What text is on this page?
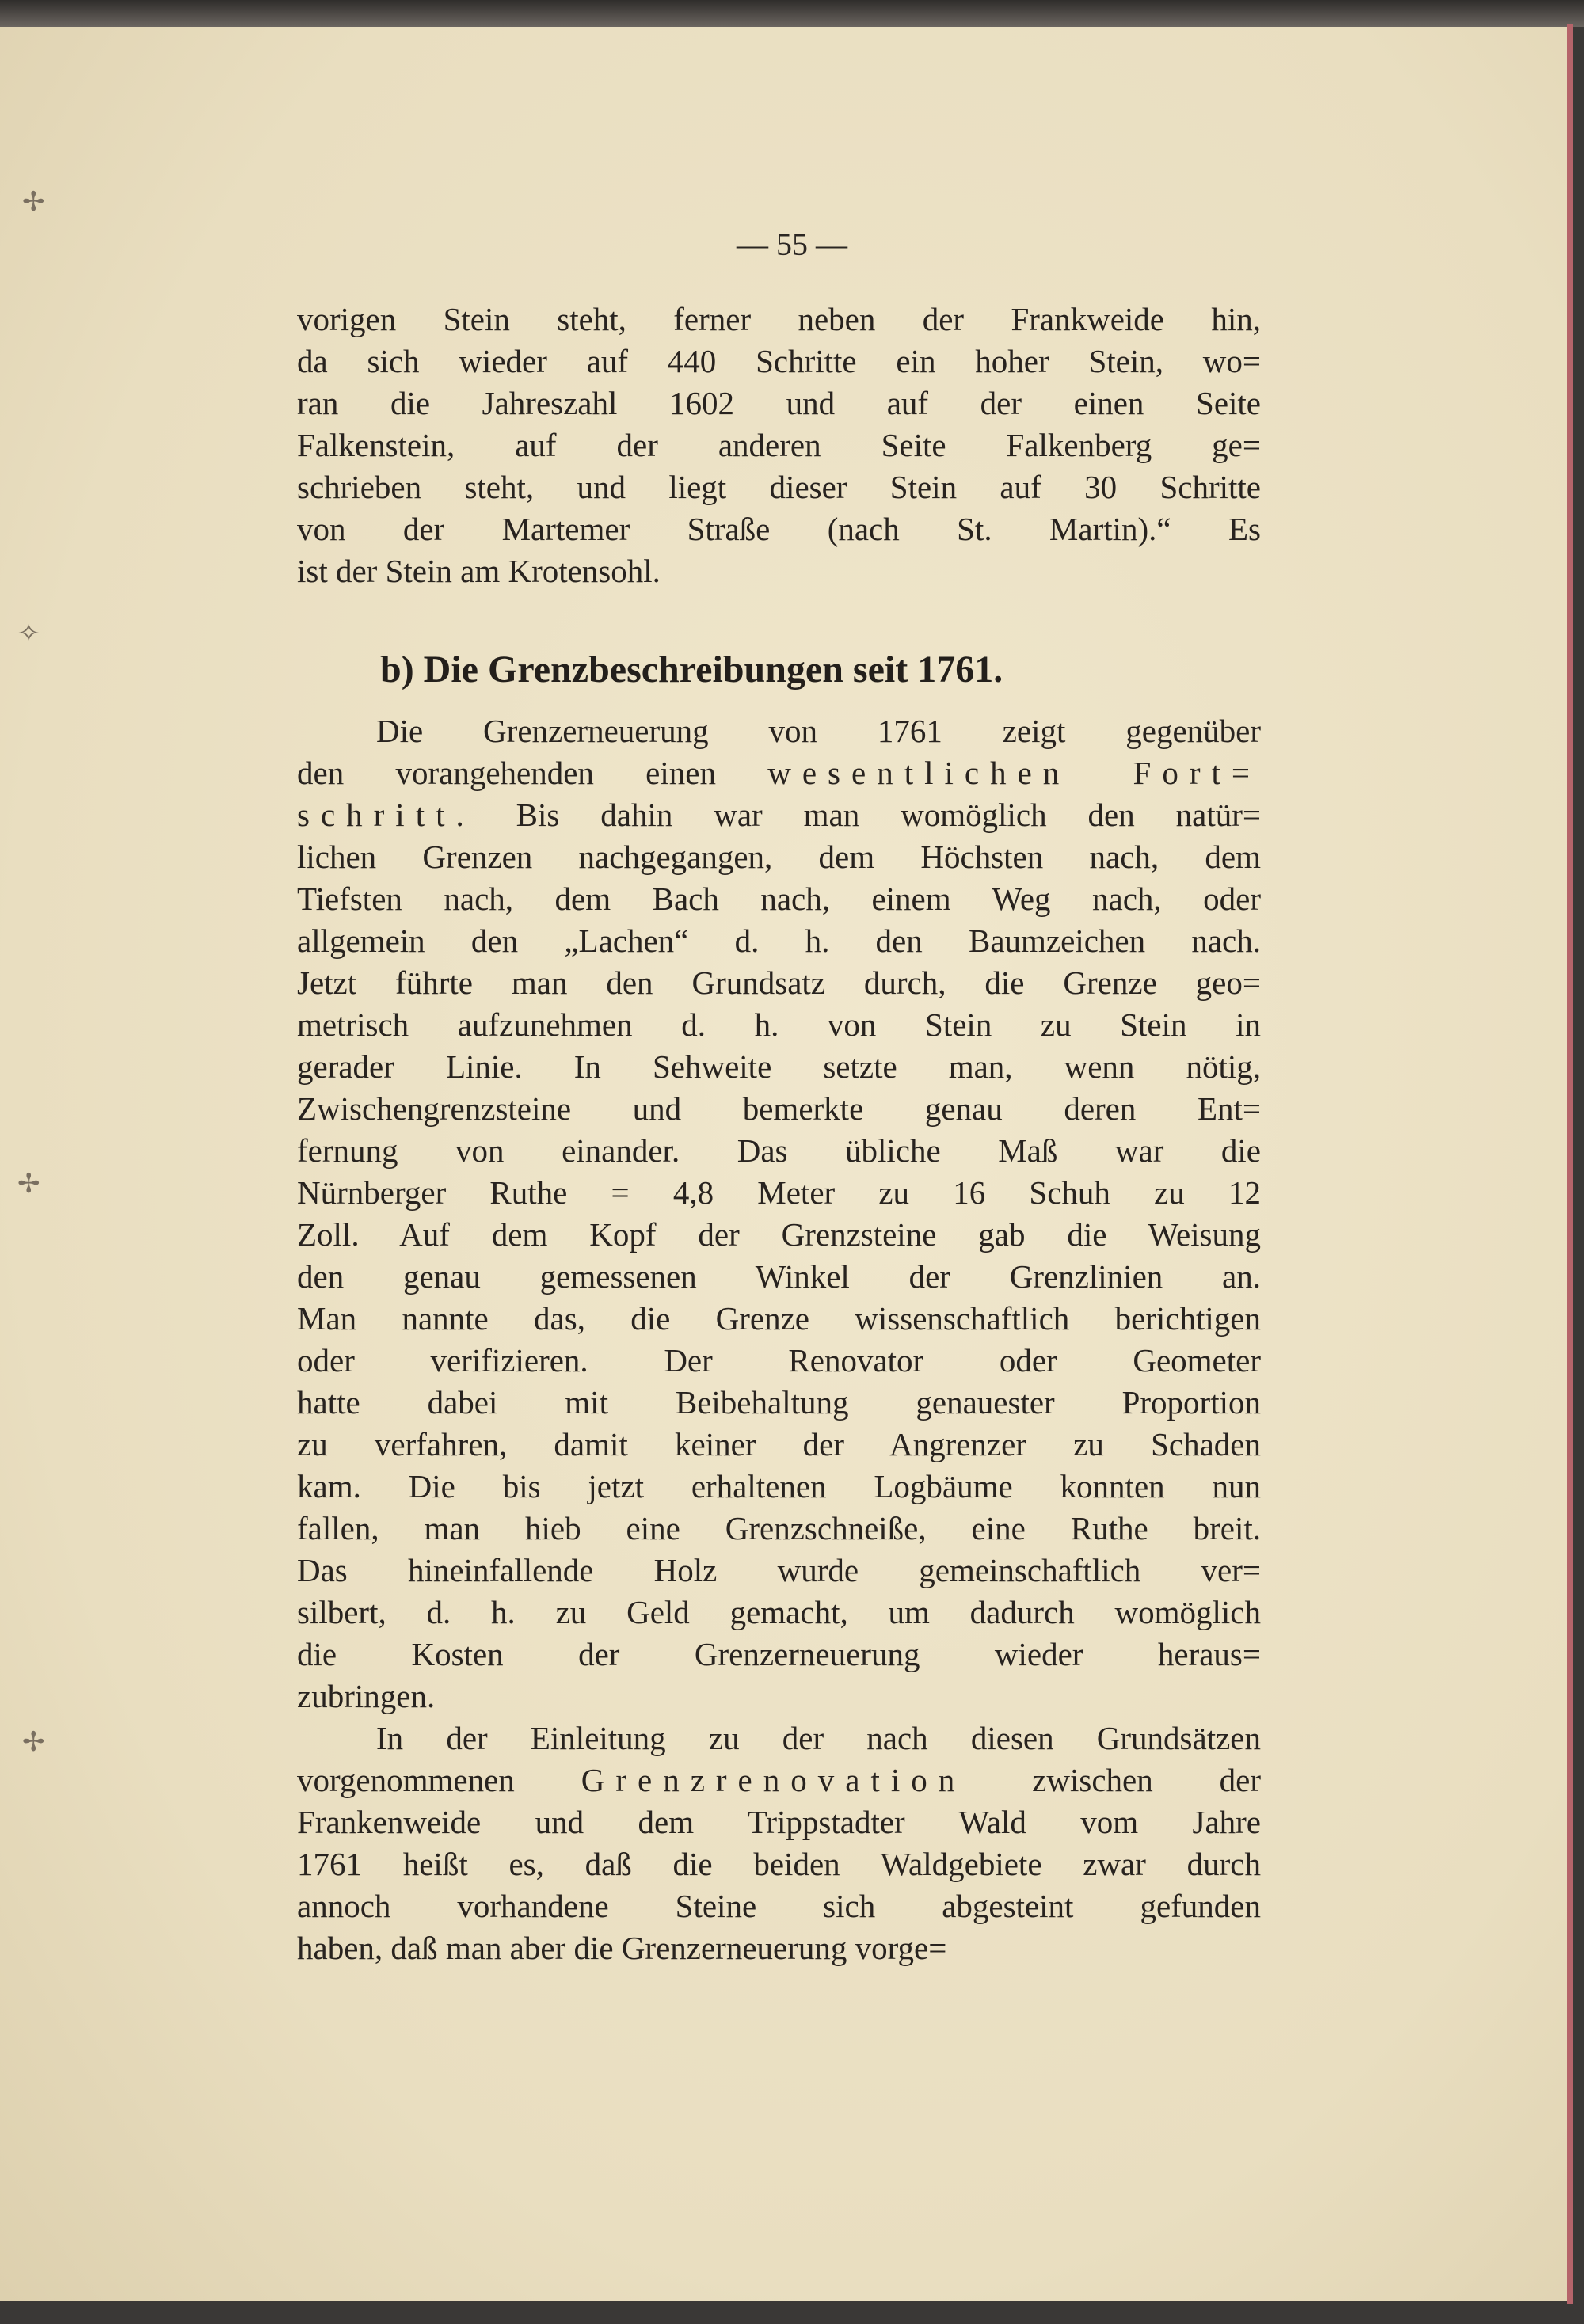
✢
✧
✢
✢
— 55 —
vorigen Stein steht, ferner neben der Frankweide hin,
da sich wieder auf 440 Schritte ein hoher Stein, wo=
ran die Jahreszahl 1602 und auf der einen Seite
Falkenstein, auf der anderen Seite Falkenberg ge=
schrieben steht, und liegt dieser Stein auf 30 Schritte
von der Martemer Straße (nach St. Martin).“ Es
ist der Stein am Krotensohl.
b) Die Grenzbeschreibungen seit 1761.
Die Grenzerneuerung von 1761 zeigt gegenüber
den vorangehenden einen wesentlichen Fort=
schritt. Bis dahin war man womöglich den natür=
lichen Grenzen nachgegangen, dem Höchsten nach, dem
Tiefsten nach, dem Bach nach, einem Weg nach, oder
allgemein den „Lachen“ d. h. den Baumzeichen nach.
Jetzt führte man den Grundsatz durch, die Grenze geo=
metrisch aufzunehmen d. h. von Stein zu Stein in
gerader Linie. In Sehweite setzte man, wenn nötig,
Zwischengrenzsteine und bemerkte genau deren Ent=
fernung von einander. Das übliche Maß war die
Nürnberger Ruthe = 4,8 Meter zu 16 Schuh zu 12
Zoll. Auf dem Kopf der Grenzsteine gab die Weisung
den genau gemessenen Winkel der Grenzlinien an.
Man nannte das, die Grenze wissenschaftlich berichtigen
oder verifizieren. Der Renovator oder Geometer
hatte dabei mit Beibehaltung genauester Proportion
zu verfahren, damit keiner der Angrenzer zu Schaden
kam. Die bis jetzt erhaltenen Logbäume konnten nun
fallen, man hieb eine Grenzschneiße, eine Ruthe breit.
Das hineinfallende Holz wurde gemeinschaftlich ver=
silbert, d. h. zu Geld gemacht, um dadurch womöglich
die Kosten der Grenzerneuerung wieder heraus=
zubringen.
In der Einleitung zu der nach diesen Grundsätzen
vorgenommenen Grenzrenovation zwischen der
Frankenweide und dem Trippstadter Wald vom Jahre
1761 heißt es, daß die beiden Waldgebiete zwar durch
annoch vorhandene Steine sich abgesteint gefunden
haben, daß man aber die Grenzerneuerung vorge=
